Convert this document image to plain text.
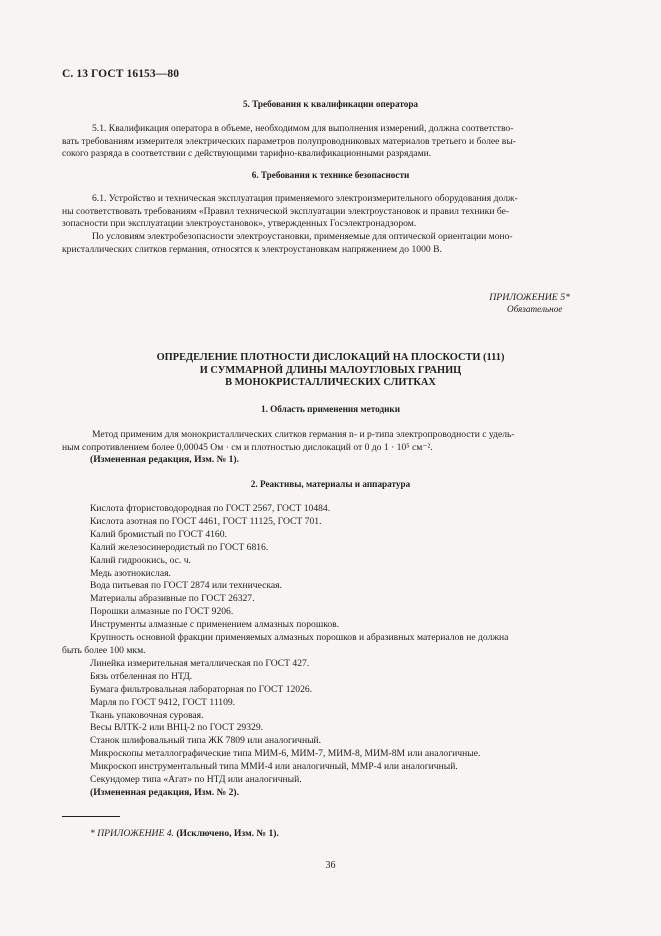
С. 13 ГОСТ 16153—80
5. Требования к квалификации оператора
5.1. Квалификация оператора в объеме, необходимом для выполнения измерений, должна соответство-
вать требованиям измерителя электрических параметров полупроводниковых материалов третьего и более вы-
сокого разряда в соответствии с действующими тарифно-квалификационными разрядами.
6. Требования к технике безопасности
6.1. Устройство и техническая эксплуатация применяемого электроизмерительного оборудования долж-
ны соответствовать требованиям «Правил технической эксплуатации электроустановок и правил техники бе-
зопасности при эксплуатации электроустановок», утвержденных Госэлектронадзором.
По условиям электробезопасности электроустановки, применяемые для оптической ориентации моно-
кристаллических слитков германия, относятся к электроустановкам напряжением до 1000 В.
ПРИЛОЖЕНИЕ 5*
Обязательное
ОПРЕДЕЛЕНИЕ ПЛОТНОСТИ ДИСЛОКАЦИЙ НА ПЛОСКОСТИ (111)
И СУММАРНОЙ ДЛИНЫ МАЛОУГЛОВЫХ ГРАНИЦ
В МОНОКРИСТАЛЛИЧЕСКИХ СЛИТКАХ
1. Область применения методики
Метод применим для монокристаллических слитков германия n- и p-типа электропроводности с удель-
ным сопротивлением более 0,00045 Ом · см и плотностью дислокаций от 0 до 1 · 10⁵ см⁻².
(Измененная редакция, Изм. № 1).
2. Реактивы, материалы и аппаратура
Кислота фтористоводородная по ГОСТ 2567, ГОСТ 10484.
Кислота азотная по ГОСТ 4461, ГОСТ 11125, ГОСТ 701.
Калий бромистый по ГОСТ 4160.
Калий железосинеродистый по ГОСТ 6816.
Калий гидроокись, ос. ч.
Медь азотнокислая.
Вода питьевая по ГОСТ 2874 или техническая.
Материалы абразивные по ГОСТ 26327.
Порошки алмазные по ГОСТ 9206.
Инструменты алмазные с применением алмазных порошков.
Крупность основной фракции применяемых алмазных порошков и абразивных материалов не должна
быть более 100 мкм.
Линейка измерительная металлическая по ГОСТ 427.
Бязь отбеленная по НТД.
Бумага фильтровальная лабораторная по ГОСТ 12026.
Марля по ГОСТ 9412, ГОСТ 11109.
Ткань упаковочная суровая.
Весы ВЛТК-2 или ВНЦ-2 по ГОСТ 29329.
Станок шлифовальный типа ЖК 7809 или аналогичный.
Микроскопы металлографические типа МИМ-6, МИМ-7, МИМ-8, МИМ-8М или аналогичные.
Микроскоп инструментальный типа ММИ-4 или аналогичный, ММР-4 или аналогичный.
Секундомер типа «Агат» по НТД или аналогичный.
(Измененная редакция, Изм. № 2).
* ПРИЛОЖЕНИЕ 4. (Исключено, Изм. № 1).
36
